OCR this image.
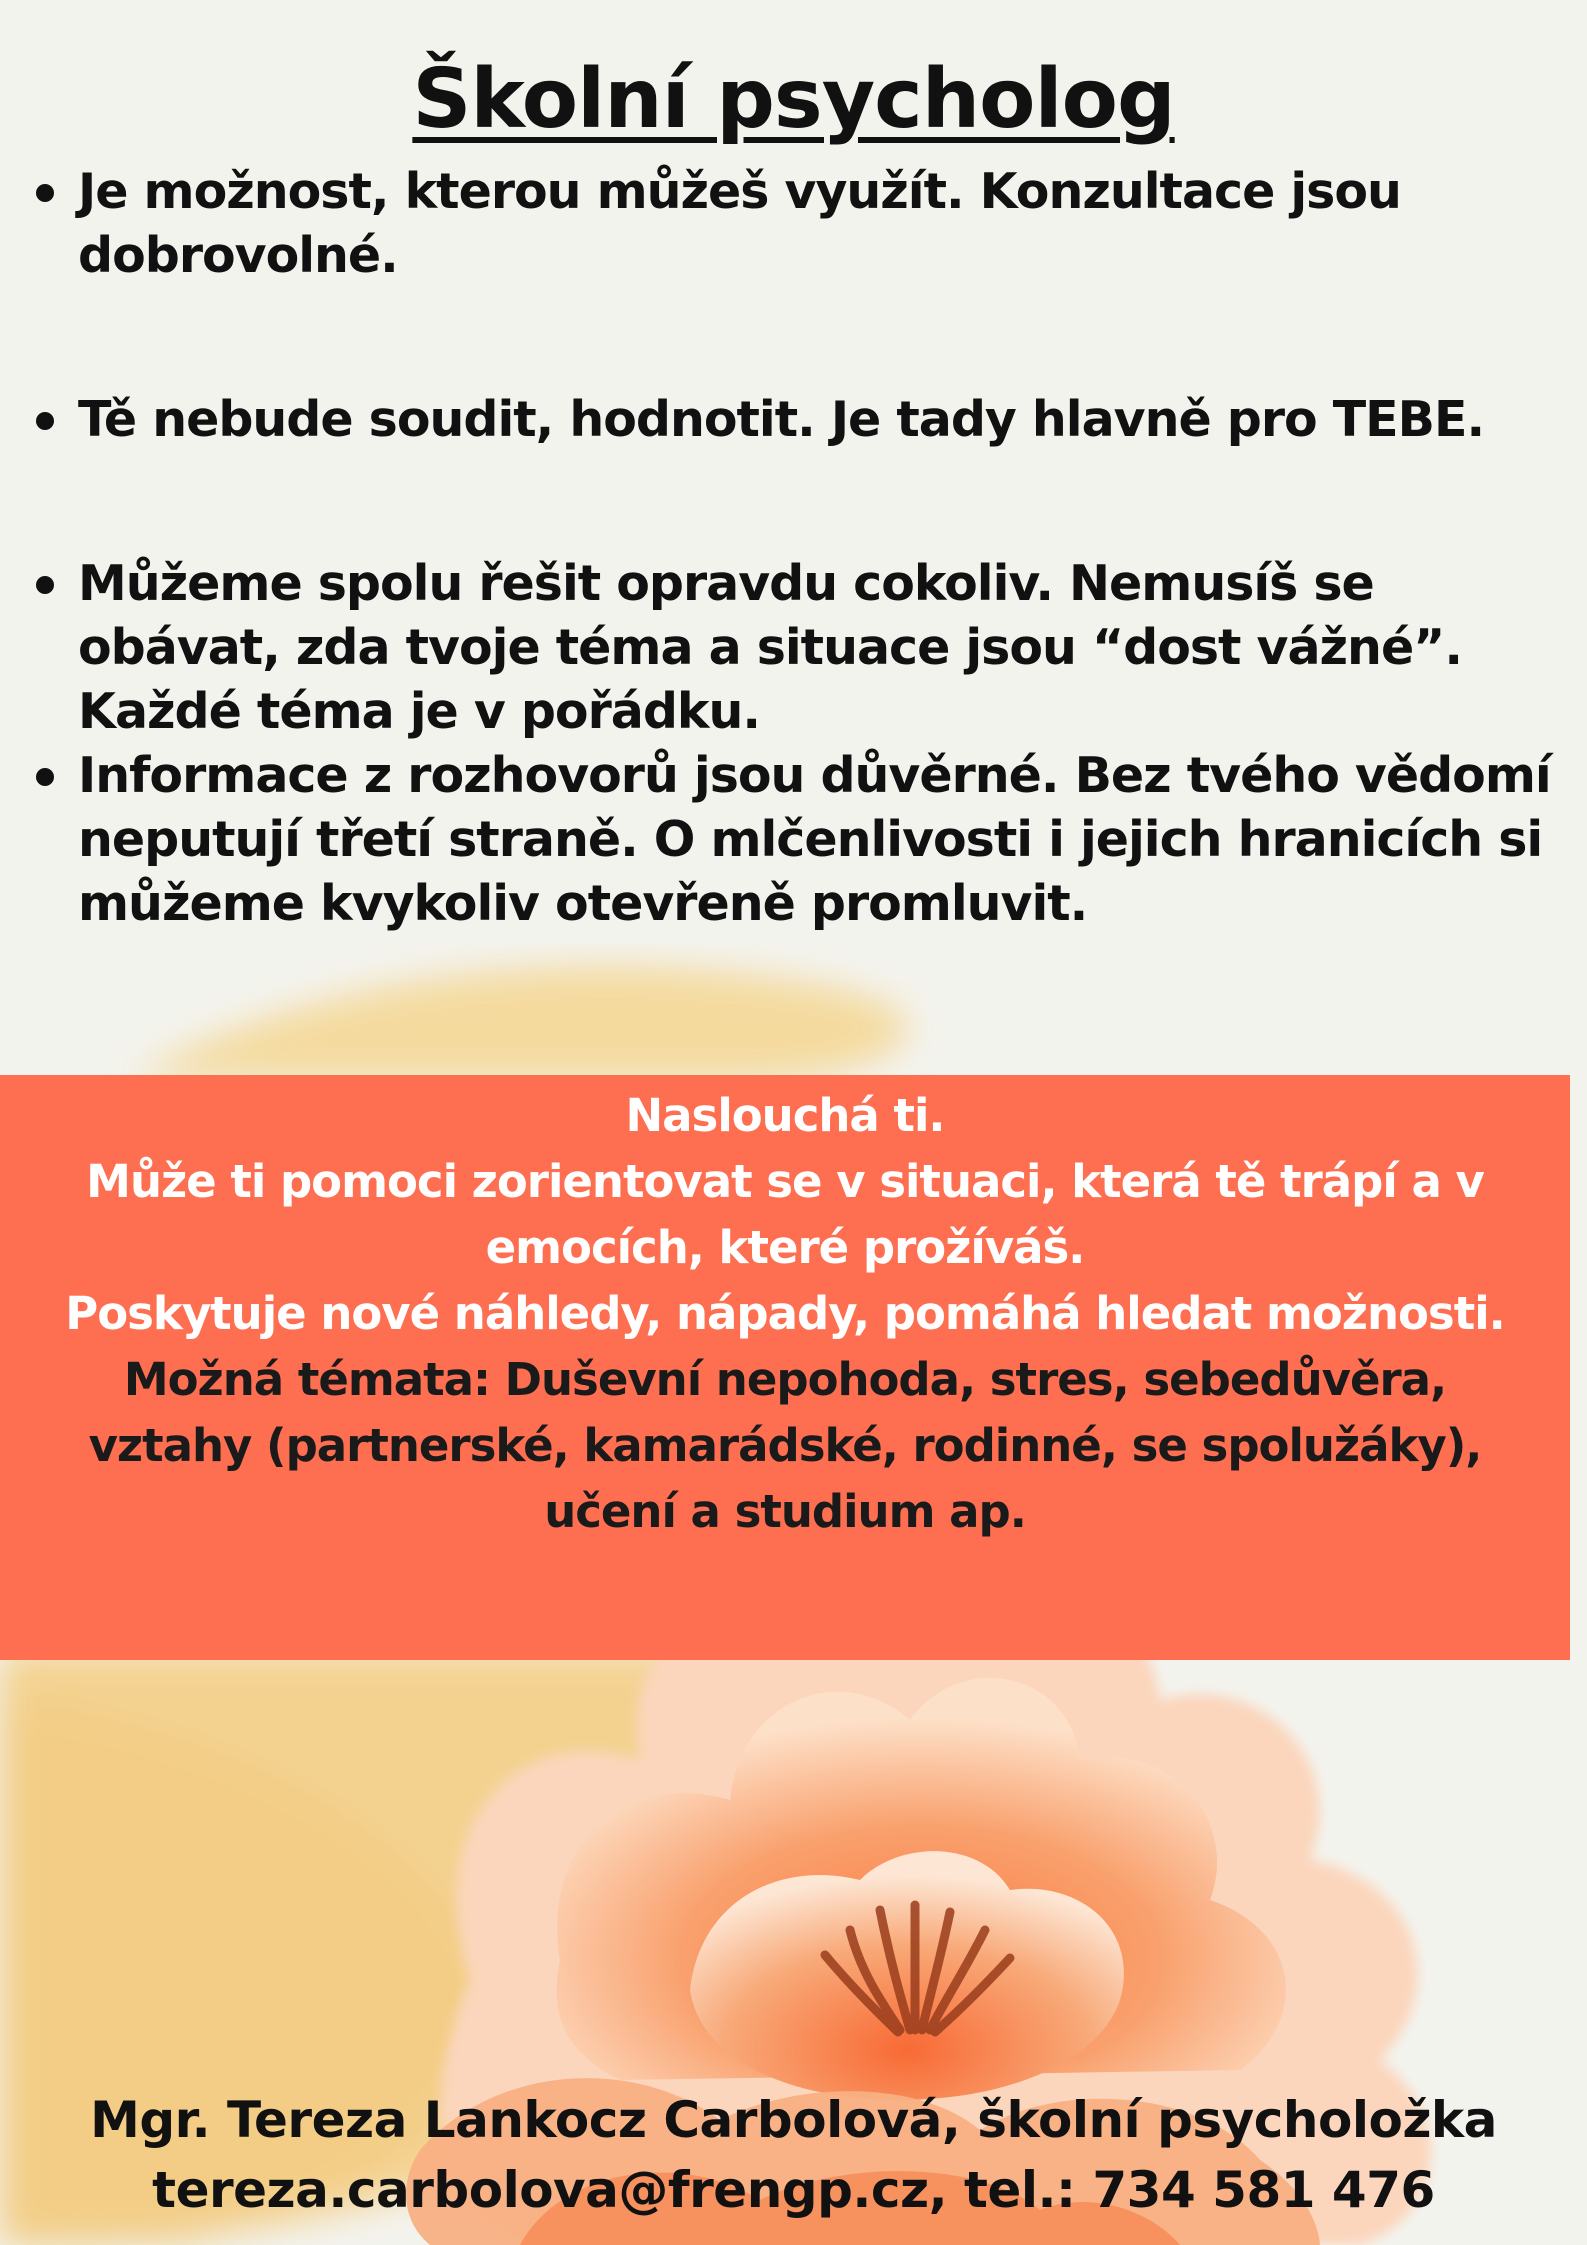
Školní psycholog
Je možnost, kterou můžeš využít. Konzultace jsou dobrovolné.
Tě nebude soudit, hodnotit. Je tady hlavně pro TEBE.
Můžeme spolu řešit opravdu cokoliv. Nemusíš se obávat, zda tvoje téma a situace jsou “dost vážné”. Každé téma je v pořádku.
Informace z rozhovorů jsou důvěrné. Bez tvého vědomí neputují třetí straně. O mlčenlivosti i jejich hranicích si můžeme kvykoliv otevřeně promluvit.

Naslouchá ti.

Může ti pomoci zorientovat se v situaci, která tě trápí a v

emocích, které prožíváš.

Poskytuje nové náhledy, nápady, pomáhá hledat možnosti.

Možná témata: Duševní nepohoda, stres, sebedůvěra,

vztahy (partnerské, kamarádské, rodinné, se spolužáky),

učení a studium ap.

Mgr. Tereza Lankocz Carbolová, školní psycholožka

tereza.carbolova@frengp.cz, tel.: 734 581 476
